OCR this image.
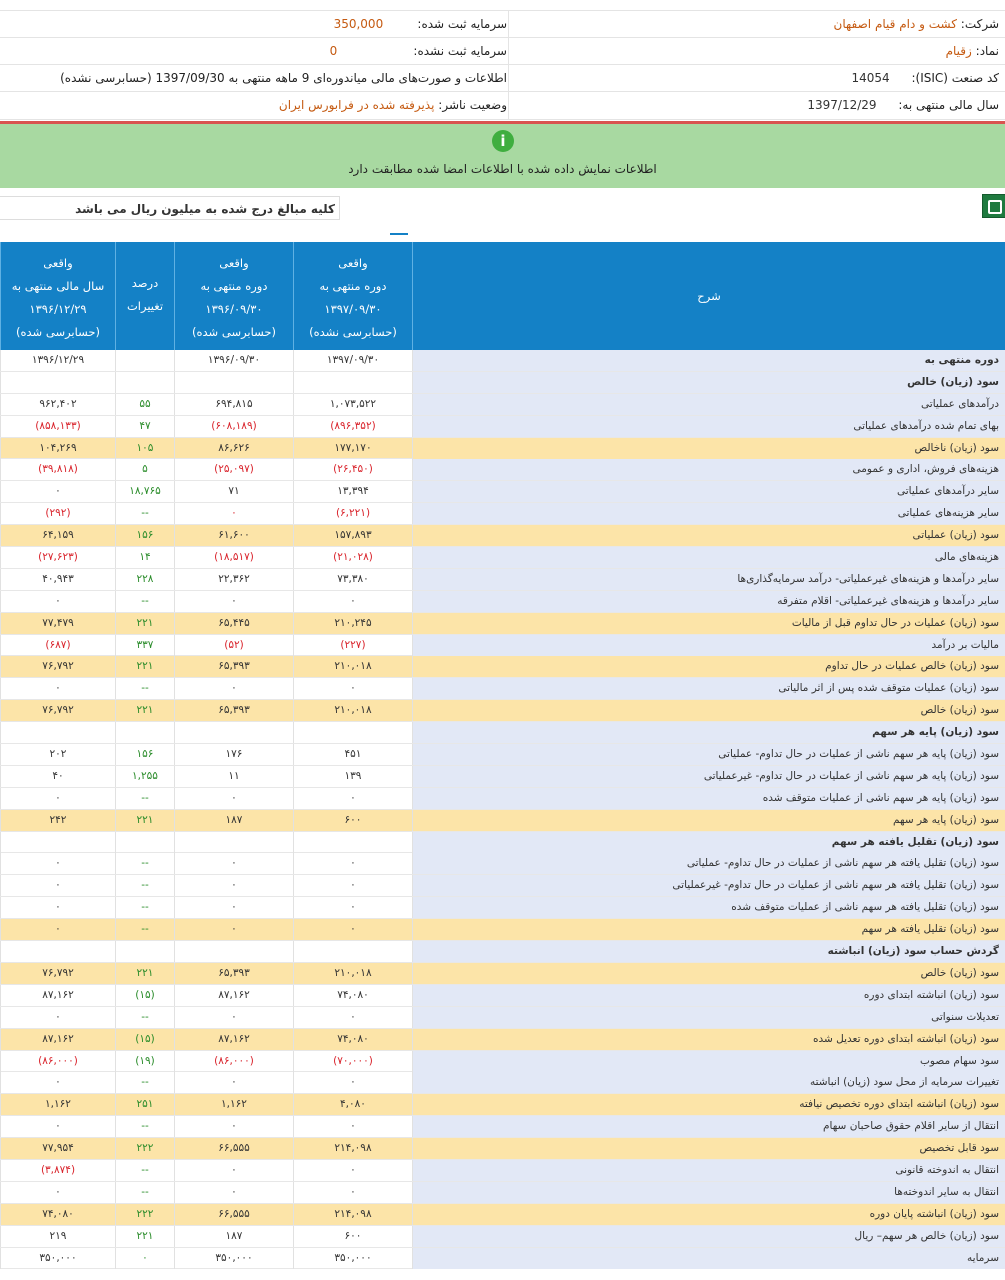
شرکت: کشت و دام قیام اصفهان
سرمایه ثبت شده: 350,000
نماد: زقیام
سرمایه ثبت نشده: 0
کد صنعت (ISIC): 14054
اطلاعات و صورت‌های مالی میاندوره‌ای 9 ماهه منتهی به 1397/09/30 (حسابرسی نشده)
سال مالی منتهی به: 1397/12/29
وضعیت ناشر: پذیرفته شده در فرابورس ایران
i
اطلاعات نمایش داده شده با اطلاعات امضا شده مطابقت دارد
کلیه مبالغ درج شده به میلیون ریال می باشد
واقعی
سال مالی منتهی به
۱۳۹۶/۱۲/۲۹
(حسابرسی شده)
درصد
تغییرات
واقعی
دوره منتهی به
۱۳۹۶/۰۹/۳۰
(حسابرسی شده)
واقعی
دوره منتهی به
۱۳۹۷/۰۹/۳۰
(حسابرسی نشده)
شرح
دوره منتهی به
۱۳۹۷/۰۹/۳۰
۱۳۹۶/۰۹/۳۰
۱۳۹۶/۱۲/۲۹
سود (زیان) خالص
درآمدهای عملیاتی
۱,۰۷۳,۵۲۲
۶۹۴,۸۱۵
۵۵
۹۶۲,۴۰۲
بهای تمام شده درآمدهای عملیاتی
(۸۹۶,۳۵۲)
(۶۰۸,۱۸۹)
۴۷
(۸۵۸,۱۳۳)
سود (زیان) ناخالص
۱۷۷,۱۷۰
۸۶,۶۲۶
۱۰۵
۱۰۴,۲۶۹
هزینه‌های فروش، اداری و عمومی
(۲۶,۴۵۰)
(۲۵,۰۹۷)
۵
(۳۹,۸۱۸)
سایر درآمدهای عملیاتی
۱۳,۳۹۴
۷۱
۱۸,۷۶۵
۰
سایر هزینه‌های عملیاتی
(۶,۲۲۱)
۰
--
(۲۹۲)
سود (زیان) عملیاتی
۱۵۷,۸۹۳
۶۱,۶۰۰
۱۵۶
۶۴,۱۵۹
هزینه‌های مالی
(۲۱,۰۲۸)
(۱۸,۵۱۷)
۱۴
(۲۷,۶۲۳)
سایر درآمدها و هزینه‌های غیرعملیاتی- درآمد سرمایه‌گذاری‌ها
۷۳,۳۸۰
۲۲,۳۶۲
۲۲۸
۴۰,۹۴۳
سایر درآمدها و هزینه‌های غیرعملیاتی- اقلام متفرقه
۰
۰
--
۰
سود (زیان) عملیات در حال تداوم قبل از مالیات
۲۱۰,۲۴۵
۶۵,۴۴۵
۲۲۱
۷۷,۴۷۹
مالیات بر درآمد
(۲۲۷)
(۵۲)
۳۳۷
(۶۸۷)
سود (زیان) خالص عملیات در حال تداوم
۲۱۰,۰۱۸
۶۵,۳۹۳
۲۲۱
۷۶,۷۹۲
سود (زیان) عملیات متوقف شده پس از اثر مالیاتی
۰
۰
--
۰
سود (زیان) خالص
۲۱۰,۰۱۸
۶۵,۳۹۳
۲۲۱
۷۶,۷۹۲
سود (زیان) پایه هر سهم
سود (زیان) پایه هر سهم ناشی از عملیات در حال تداوم- عملیاتی
۴۵۱
۱۷۶
۱۵۶
۲۰۲
سود (زیان) پایه هر سهم ناشی از عملیات در حال تداوم- غیرعملیاتی
۱۳۹
۱۱
۱,۲۵۵
۴۰
سود (زیان) پایه هر سهم ناشی از عملیات متوقف شده
۰
۰
--
۰
سود (زیان) پایه هر سهم
۶۰۰
۱۸۷
۲۲۱
۲۴۲
سود (زیان) تقلیل یافته هر سهم
سود (زیان) تقلیل یافته هر سهم ناشی از عملیات در حال تداوم- عملیاتی
۰
۰
--
۰
سود (زیان) تقلیل یافته هر سهم ناشی از عملیات در حال تداوم- غیرعملیاتی
۰
۰
--
۰
سود (زیان) تقلیل یافته هر سهم ناشی از عملیات متوقف شده
۰
۰
--
۰
سود (زیان) تقلیل یافته هر سهم
۰
۰
--
۰
گردش حساب سود (زیان) انباشته
سود (زیان) خالص
۲۱۰,۰۱۸
۶۵,۳۹۳
۲۲۱
۷۶,۷۹۲
سود (زیان) انباشته ابتدای دوره
۷۴,۰۸۰
۸۷,۱۶۲
(۱۵)
۸۷,۱۶۲
تعدیلات سنواتی
۰
۰
--
۰
سود (زیان) انباشته ابتدای دوره تعدیل شده
۷۴,۰۸۰
۸۷,۱۶۲
(۱۵)
۸۷,۱۶۲
سود سهام مصوب
(۷۰,۰۰۰)
(۸۶,۰۰۰)
(۱۹)
(۸۶,۰۰۰)
تغییرات سرمایه از محل سود (زیان) انباشته
۰
۰
--
۰
سود (زیان) انباشته ابتدای دوره تخصیص نیافته
۴,۰۸۰
۱,۱۶۲
۲۵۱
۱,۱۶۲
انتقال از سایر اقلام حقوق صاحبان سهام
۰
۰
--
۰
سود قابل تخصیص
۲۱۴,۰۹۸
۶۶,۵۵۵
۲۲۲
۷۷,۹۵۴
انتقال به اندوخته قانونی
۰
۰
--
(۳,۸۷۴)
انتقال به سایر اندوخته‌ها
۰
۰
--
۰
سود (زیان) انباشته پایان دوره
۲۱۴,۰۹۸
۶۶,۵۵۵
۲۲۲
۷۴,۰۸۰
سود (زیان) خالص هر سهم– ریال
۶۰۰
۱۸۷
۲۲۱
۲۱۹
سرمایه
۳۵۰,۰۰۰
۳۵۰,۰۰۰
۰
۳۵۰,۰۰۰
